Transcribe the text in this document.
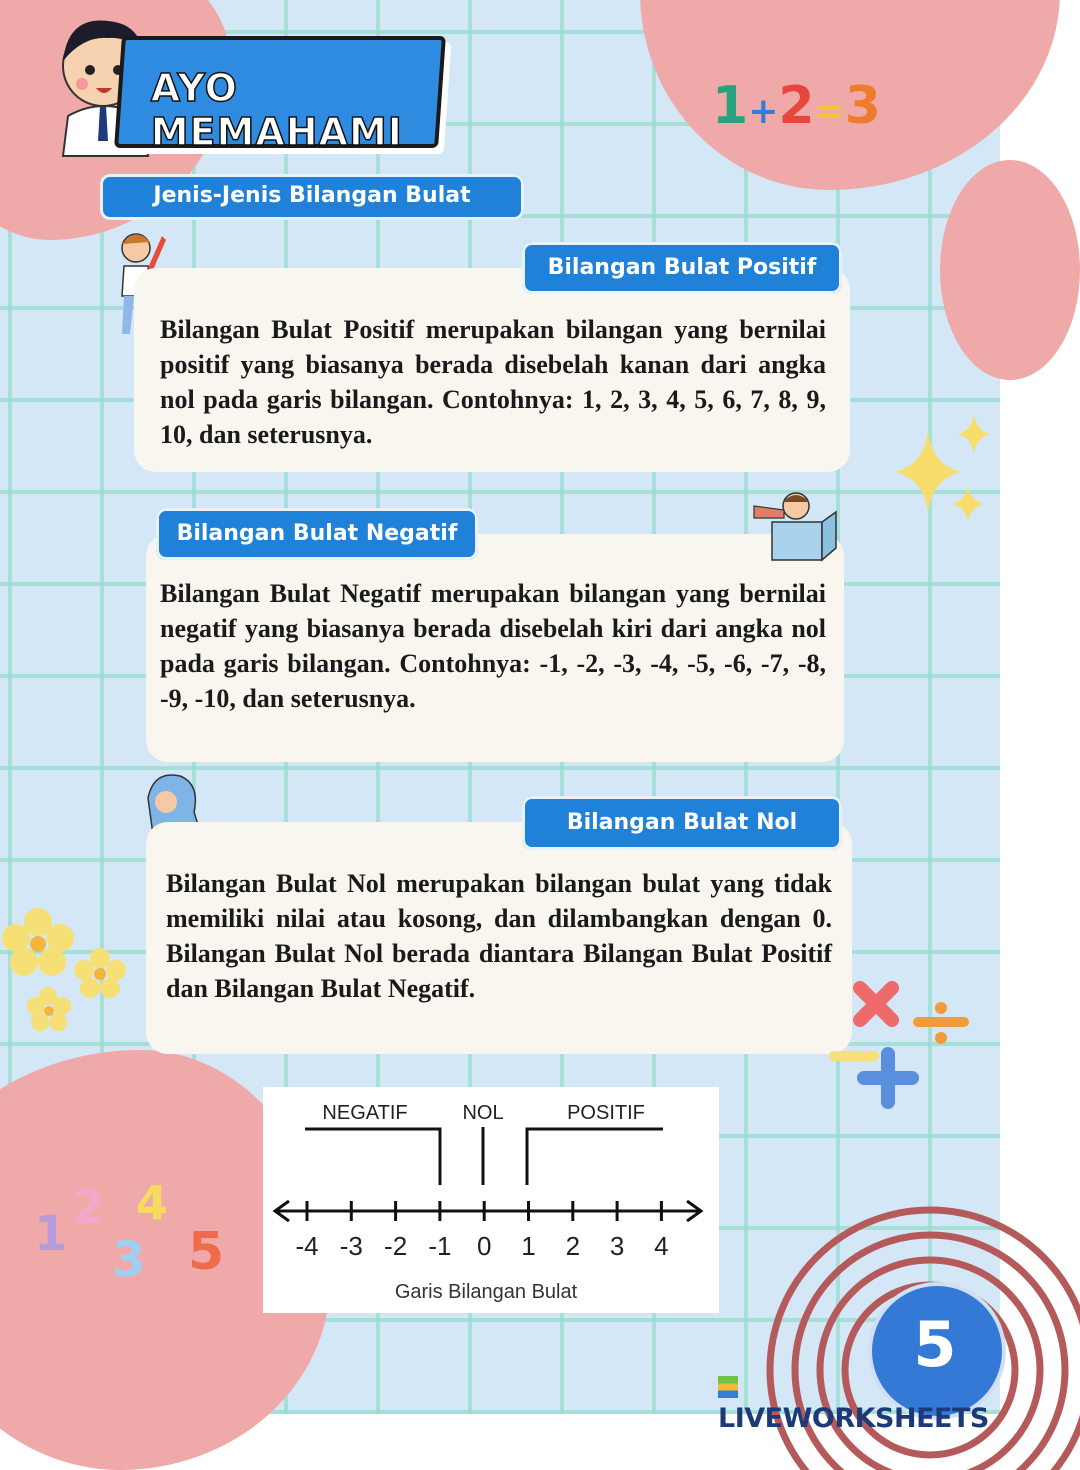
5
AYO MEMAHAMI	1+2=3
Jenis-Jenis Bilangan Bulat

Bilangan Bulat Positif merupakan bilangan yang bernilai positif yang biasanya berada disebelah kanan dari angka nol pada garis bilangan. Contohnya: 1, 2, 3, 4, 5, 6, 7, 8, 9, 10, dan seterusnya.

Bilangan Bulat Positif

Bilangan Bulat Negatif merupakan bilangan yang bernilai negatif yang biasanya berada disebelah kiri dari angka nol pada garis bilangan. Contohnya: -1, -2, -3, -4, -5, -6, -7, -8, -9, -10, dan seterusnya.

Bilangan Bulat Negatif

Bilangan Bulat Nol merupakan bilangan bulat yang tidak memiliki nilai atau kosong, dan dilambangkan dengan 0. Bilangan Bulat Nol berada diantara Bilangan Bulat Positif dan Bilangan Bulat Negatif.

Bilangan Bulat Nol
1 2
3
4
5
NEGATIF	NOL	POSITIF
-4 -3 -2 -1 0 1 2 3 4
Garis Bilangan Bulat
LIVEWORKSHEETS
